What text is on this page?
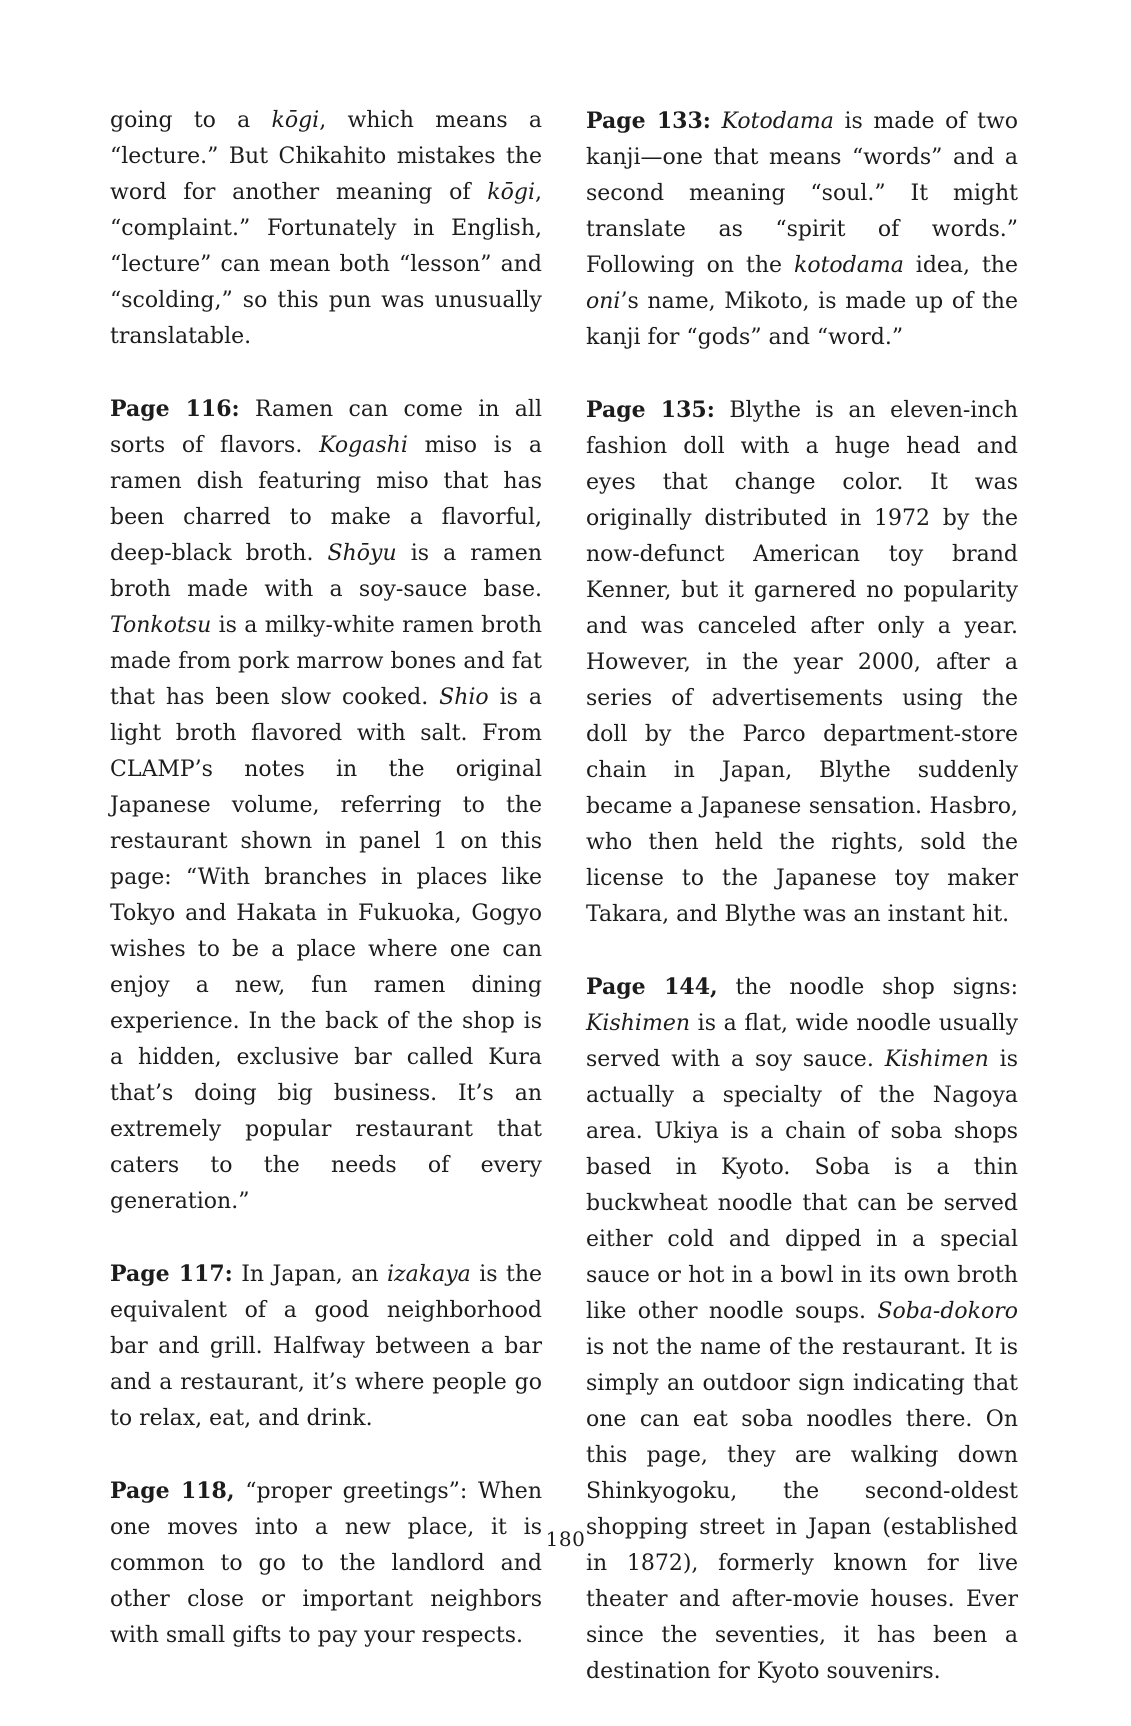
going to a kōgi, which means a “lecture.” But Chikahito mistakes the word for another meaning of kōgi, “complaint.” Fortunately in English, “lecture” can mean both “lesson” and “scolding,” so this pun was unusually translatable.

Page 116: Ramen can come in all sorts of flavors. Kogashi miso is a ramen dish featuring miso that has been charred to make a flavorful, deep-black broth. Shōyu is a ramen broth made with a soy-sauce base. Tonkotsu is a milky-white ramen broth made from pork marrow bones and fat that has been slow cooked. Shio is a light broth flavored with salt. From CLAMP’s notes in the original Japanese volume, referring to the restaurant shown in panel 1 on this page: “With branches in places like Tokyo and Hakata in Fukuoka, Gogyo wishes to be a place where one can enjoy a new, fun ramen dining experience. In the back of the shop is a hidden, exclusive bar called Kura that’s doing big business. It’s an extremely popular restaurant that caters to the needs of every generation.”

Page 117: In Japan, an izakaya is the equivalent of a good neighborhood bar and grill. Halfway between a bar and a restaurant, it’s where people go to relax, eat, and drink.

Page 118, “proper greetings”: When one moves into a new place, it is common to go to the landlord and other close or important neighbors with small gifts to pay your respects.

Page 133: Kotodama is made of two kanji—one that means “words” and a second meaning “soul.” It might translate as “spirit of words.” Following on the kotodama idea, the oni’s name, Mikoto, is made up of the kanji for “gods” and “word.”

Page 135: Blythe is an eleven-inch fashion doll with a huge head and eyes that change color. It was originally distributed in 1972 by the now-defunct American toy brand Kenner, but it garnered no popularity and was canceled after only a year. However, in the year 2000, after a series of advertisements using the doll by the Parco department-store chain in Japan, Blythe suddenly became a Japanese sensation. Hasbro, who then held the rights, sold the license to the Japanese toy maker Takara, and Blythe was an instant hit.

Page 144, the noodle shop signs: Kishimen is a flat, wide noodle usually served with a soy sauce. Kishimen is actually a specialty of the Nagoya area. Ukiya is a chain of soba shops based in Kyoto. Soba is a thin buckwheat noodle that can be served either cold and dipped in a special sauce or hot in a bowl in its own broth like other noodle soups. Soba-dokoro is not the name of the restaurant. It is simply an outdoor sign indicating that one can eat soba noodles there. On this page, they are walking down Shinkyogoku, the second-oldest shopping street in Japan (established in 1872), formerly known for live theater and after-movie houses. Ever since the seventies, it has been a destination for Kyoto souvenirs.

180
